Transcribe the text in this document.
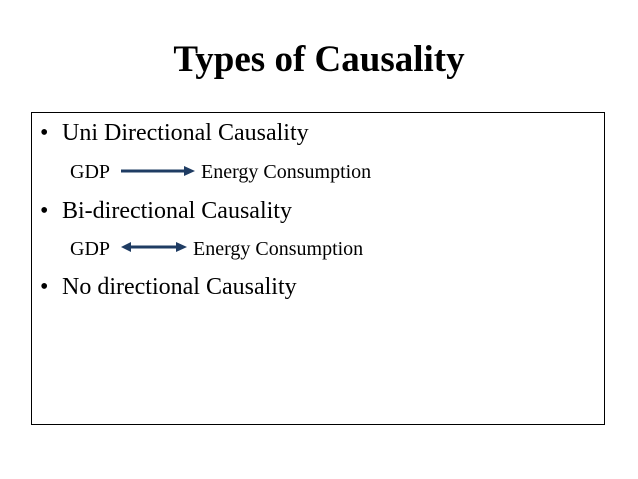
Types of Causality
• Uni Directional Causality
GDP	Energy Consumption
• Bi-directional Causality
GDP	Energy Consumption
• No directional Causality
